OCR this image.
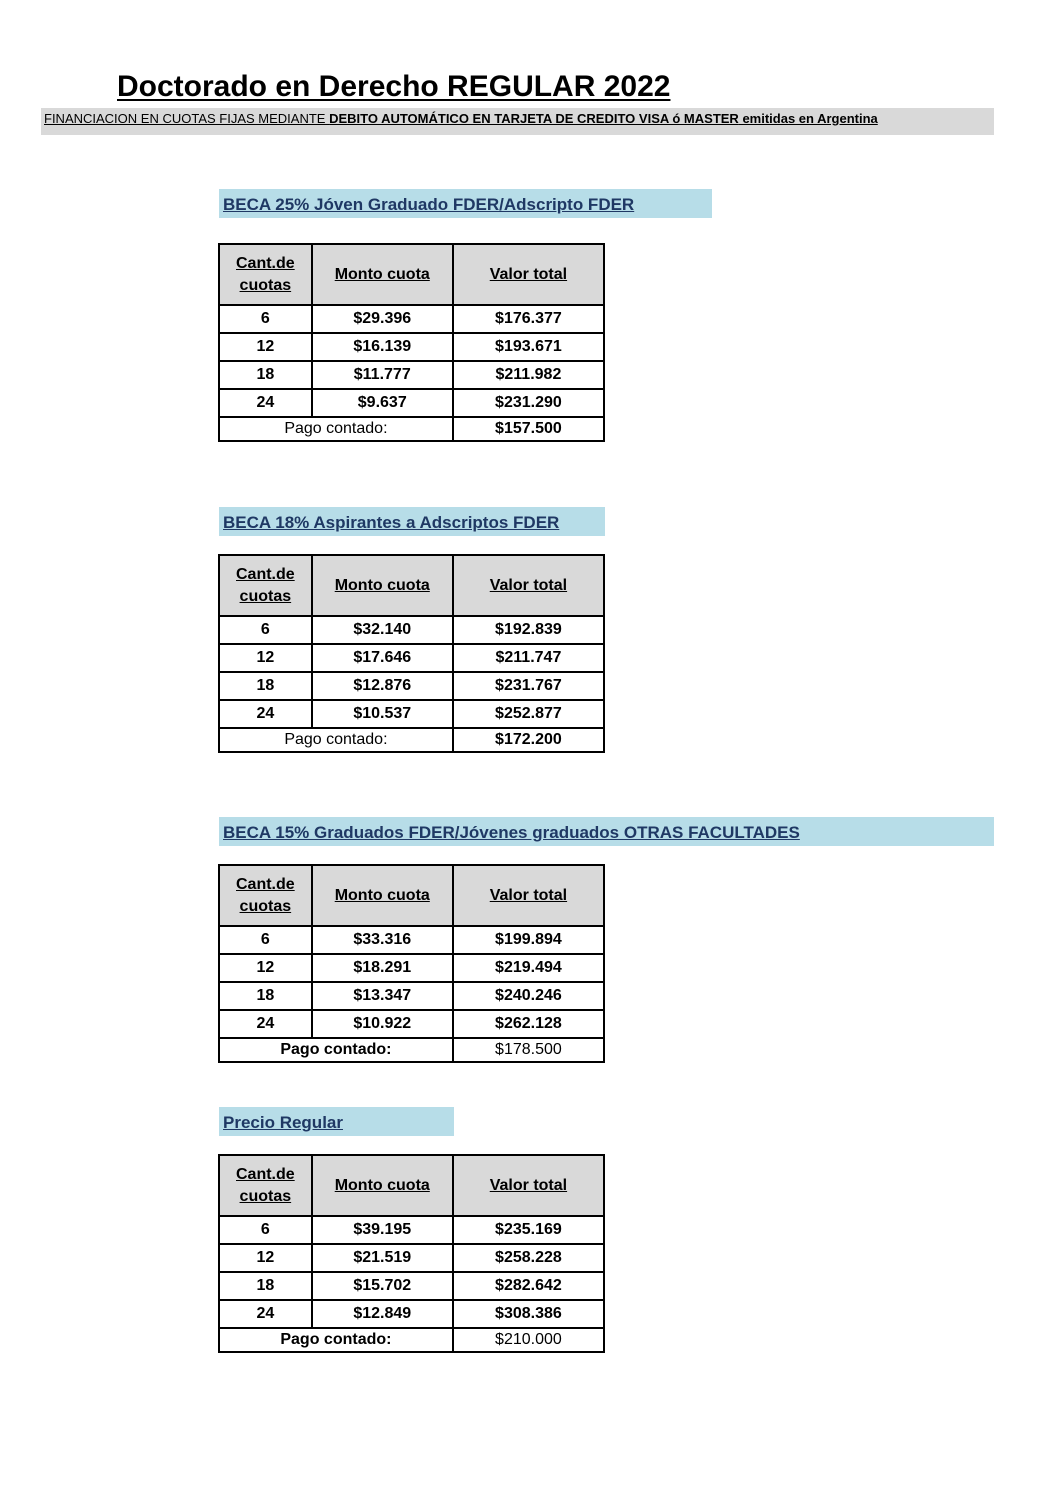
Doctorado en Derecho REGULAR 2022
FINANCIACION EN CUOTAS FIJAS MEDIANTE DEBITO AUTOMÁTICO EN TARJETA DE CREDITO VISA ó MASTER emitidas en Argentina
BECA 25% Jóven Graduado FDER/Adscripto FDER
Cant.de
cuotas	Monto cuota	Valor total
6	$29.396	$176.377
12	$16.139	$193.671
18	$11.777	$211.982
24	$9.637	$231.290
Pago contado:		$157.500
BECA 18% Aspirantes a Adscriptos FDER
Cant.de
cuotas	Monto cuota	Valor total
6	$32.140	$192.839
12	$17.646	$211.747
18	$12.876	$231.767
24	$10.537	$252.877
Pago contado:		$172.200
BECA 15% Graduados FDER/Jóvenes graduados OTRAS FACULTADES
Cant.de
cuotas	Monto cuota	Valor total
6	$33.316	$199.894
12	$18.291	$219.494
18	$13.347	$240.246
24	$10.922	$262.128
Pago contado:		$178.500
Precio Regular
Cant.de
cuotas	Monto cuota	Valor total
6	$39.195	$235.169
12	$21.519	$258.228
18	$15.702	$282.642
24	$12.849	$308.386
Pago contado:		$210.000
